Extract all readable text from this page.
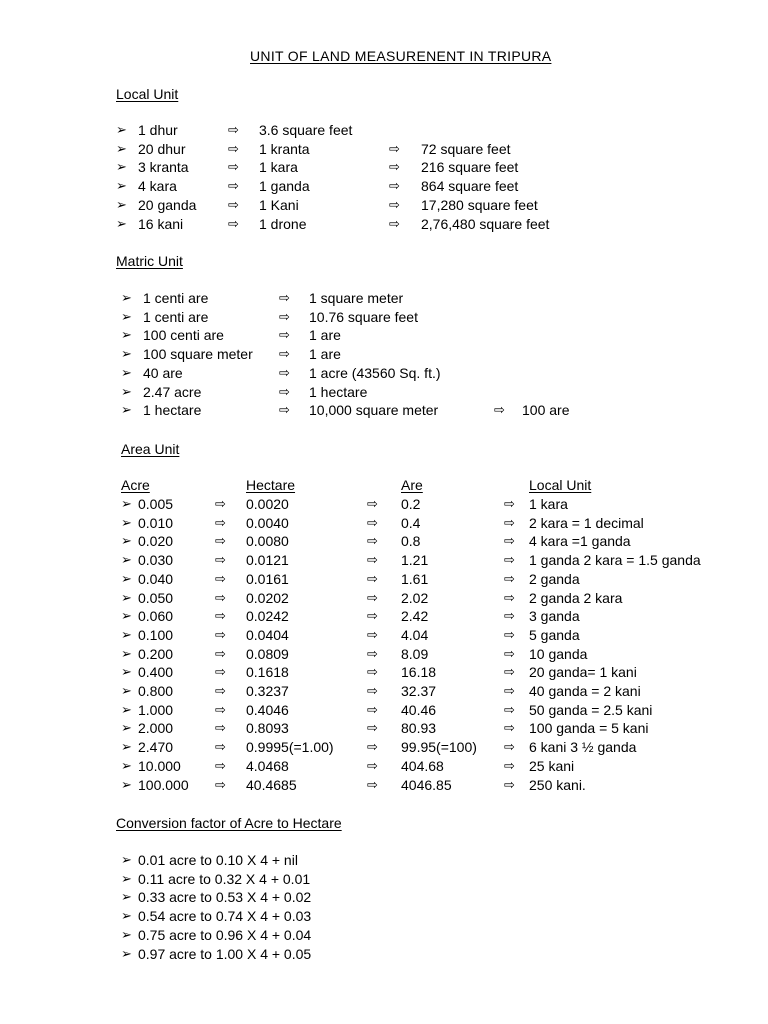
UNIT OF LAND MEASURENENT IN TRIPURA
Local Unit
➢ 1 dhur	⇨ 3.6 square feet
➢ 20 dhur	⇨ 1 kranta	⇨ 72 square feet
➢ 3 kranta	⇨ 1 kara	⇨ 216 square feet
➢ 4 kara	⇨ 1 ganda	⇨ 864 square feet
➢ 20 ganda ⇨ 1 Kani	⇨ 17,280 square feet
➢ 16 kani	⇨ 1 drone	⇨ 2,76,480 square feet
Matric Unit
➢ 1 centi are	⇨ 1 square meter
➢ 1 centi are	⇨ 10.76 square feet
➢ 100 centi are	⇨ 1 are
➢ 100 square meter ⇨ 1 are
➢ 40 are	⇨ 1 acre (43560 Sq. ft.)
➢ 2.47 acre	⇨ 1 hectare
➢ 1 hectare	⇨ 10,000 square meter	⇨ 100 are
Area Unit
Acre	Hectare	Are	Local Unit
➢ 0.005	⇨ 0.0020	⇨ 0.2	⇨ 1 kara
➢ 0.010	⇨ 0.0040	⇨ 0.4	⇨ 2 kara = 1 decimal
➢ 0.020	⇨ 0.0080	⇨ 0.8	⇨ 4 kara =1 ganda
➢ 0.030	⇨ 0.0121	⇨ 1.21	⇨ 1 ganda 2 kara = 1.5 ganda
➢ 0.040	⇨ 0.0161	⇨ 1.61	⇨ 2 ganda
➢ 0.050	⇨ 0.0202	⇨ 2.02	⇨ 2 ganda 2 kara
➢ 0.060	⇨ 0.0242	⇨ 2.42	⇨ 3 ganda
➢ 0.100	⇨ 0.0404	⇨ 4.04	⇨ 5 ganda
➢ 0.200	⇨ 0.0809	⇨ 8.09	⇨ 10 ganda
➢ 0.400	⇨ 0.1618	⇨ 16.18	⇨ 20 ganda= 1 kani
➢ 0.800	⇨ 0.3237	⇨ 32.37	⇨ 40 ganda = 2 kani
➢ 1.000	⇨ 0.4046	⇨ 40.46	⇨ 50 ganda = 2.5 kani
➢ 2.000	⇨ 0.8093	⇨ 80.93	⇨ 100 ganda = 5 kani
➢ 2.470	⇨ 0.9995(=1.00)	⇨ 99.95(=100) ⇨ 6 kani 3 ½ ganda
➢ 10.000	⇨ 4.0468	⇨ 404.68	⇨ 25 kani
➢ 100.000 ⇨ 40.4685	⇨ 4046.85	⇨ 250 kani.
Conversion factor of Acre to Hectare
➢ 0.01 acre to 0.10 X 4 + nil
➢ 0.11 acre to 0.32 X 4 + 0.01
➢ 0.33 acre to 0.53 X 4 + 0.02
➢ 0.54 acre to 0.74 X 4 + 0.03
➢ 0.75 acre to 0.96 X 4 + 0.04
➢ 0.97 acre to 1.00 X 4 + 0.05
